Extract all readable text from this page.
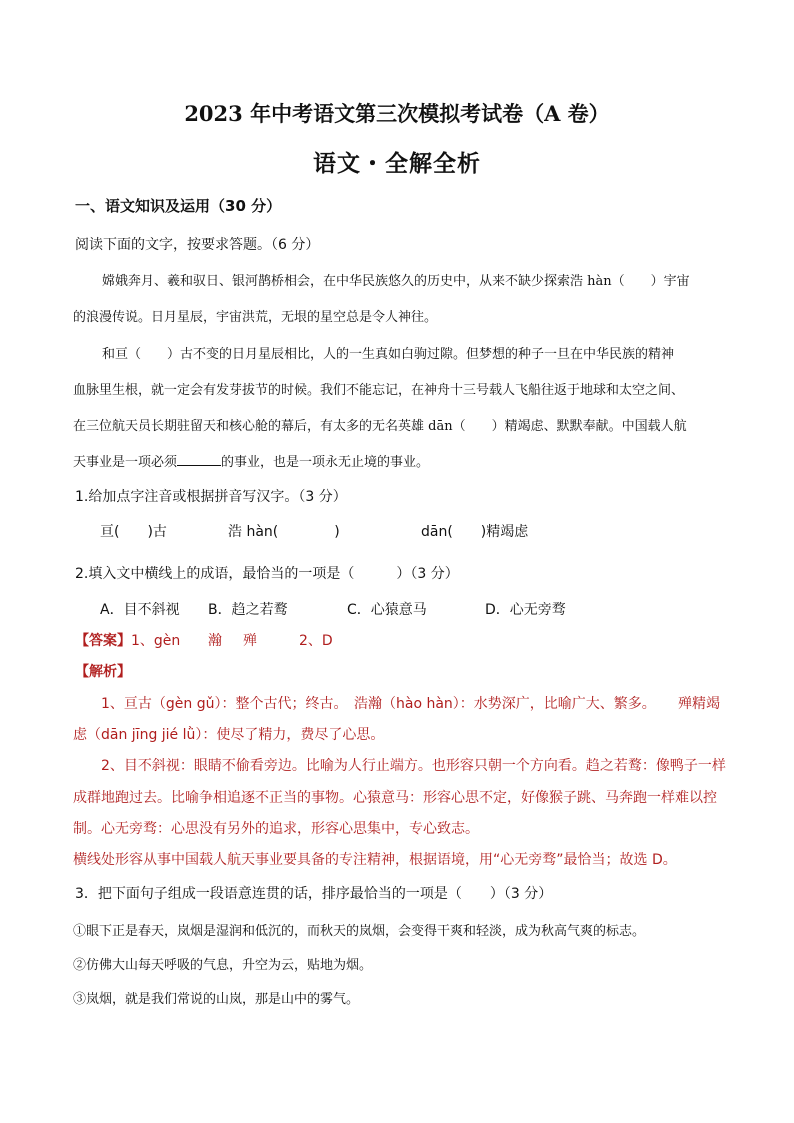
2023 年中考语文第三次模拟考试卷（A 卷）
语文・全解全析
一、语文知识及运用（30 分）
阅读下面的文字，按要求答题。（6 分）
嫦娥奔月、羲和驭日、银河鹊桥相会，在中华民族悠久的历史中，从来不缺少探索浩 hàn（　　）宇宙
的浪漫传说。日月星辰，宇宙洪荒，无垠的星空总是令人神往。
和亘（　　）古不变的日月星辰相比，人的一生真如白驹过隙。但梦想的种子一旦在中华民族的精神
血脉里生根，就一定会有发芽拔节的时候。我们不能忘记，在神舟十三号载人飞船往返于地球和太空之间、
在三位航天员长期驻留天和核心舱的幕后，有太多的无名英雄 dān（　　）精竭虑、默默奉献。中国载人航
天事业是一项必须	的事业，也是一项永无止境的事业。
1.给加点字注音或根据拼音写汉字。（3 分）
亘(　　)古	浩 hàn(　　　　)	dān(　　)精竭虑
2.填入文中横线上的成语，最恰当的一项是（　　　）（3 分）
A．目不斜视 B．趋之若鹜	C．心猿意马	D．心无旁骛
【答案】1、gèn 瀚 殚	2、D
【解析】
1、亘古（gèn gǔ）：整个古代；终古。 浩瀚（hào hàn）：水势深广，比喻广大、繁多。 殚精竭
虑（dān jīng jié lǜ）：使尽了精力，费尽了心思。
2、目不斜视：眼睛不偷看旁边。比喻为人行止端方。也形容只朝一个方向看。趋之若鹜：像鸭子一样
成群地跑过去。比喻争相追逐不正当的事物。心猿意马：形容心思不定，好像猴子跳、马奔跑一样难以控
制。心无旁骛：心思没有另外的追求，形容心思集中，专心致志。
横线处形容从事中国载人航天事业要具备的专注精神，根据语境，用“心无旁骛”最恰当；故选 D。
3．把下面句子组成一段语意连贯的话，排序最恰当的一项是（　　）（3 分）
①眼下正是春天，岚烟是湿润和低沉的，而秋天的岚烟，会变得干爽和轻淡，成为秋高气爽的标志。
②仿佛大山每天呼吸的气息，升空为云，贴地为烟。
③岚烟，就是我们常说的山岚，那是山中的雾气。
